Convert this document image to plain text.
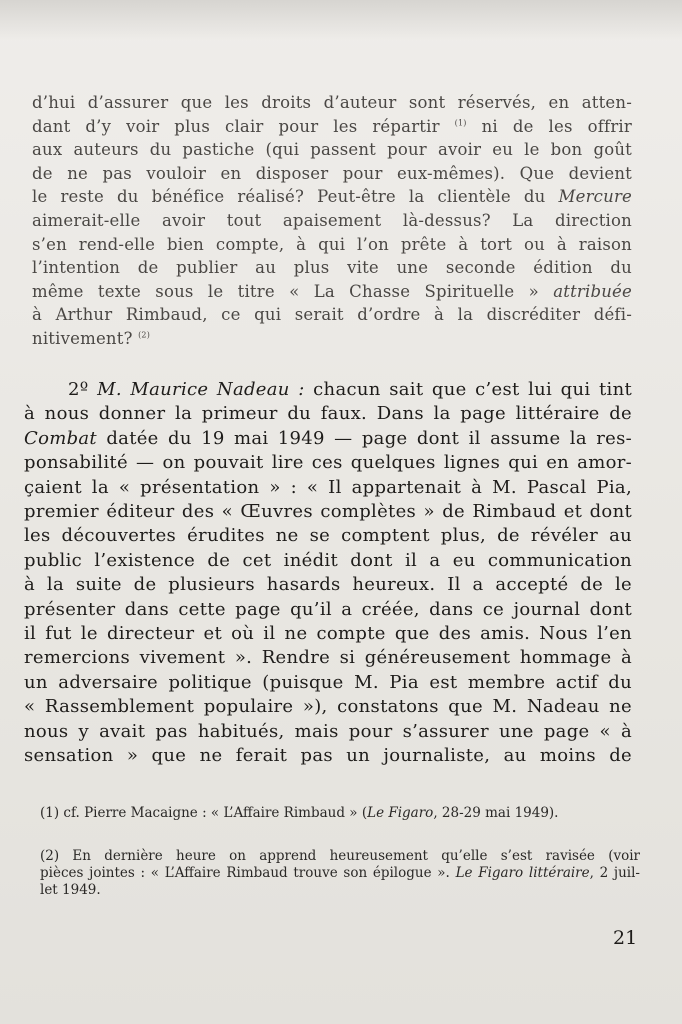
d’hui d’assurer que les droits d’auteur sont réservés, en atten-
dant d’y voir plus clair pour les répartir $^{(1)}$ ni de les offrir
aux auteurs du pastiche (qui passent pour avoir eu le bon goût
de ne pas vouloir en disposer pour eux-mêmes). Que devient
le reste du bénéfice réalisé? Peut-être la clientèle du Mercure
aimerait-elle avoir tout apaisement là-dessus? La direction
s’en rend-elle bien compte, à qui l’on prête à tort ou à raison
l’intention de publier au plus vite une seconde édition du
même texte sous le titre « La Chasse Spirituelle » attribuée
à Arthur Rimbaud, ce qui serait d’ordre à la discréditer défi-
nitivement? $^{(2)}$
2º M. Maurice Nadeau : chacun sait que c’est lui qui tint
à nous donner la primeur du faux. Dans la page littéraire de
Combat datée du 19 mai 1949 — page dont il assume la res-
ponsabilité — on pouvait lire ces quelques lignes qui en amor-
çaient la « présentation » : « Il appartenait à M. Pascal Pia,
premier éditeur des « Œuvres complètes » de Rimbaud et dont
les découvertes érudites ne se comptent plus, de révéler au
public l’existence de cet inédit dont il a eu communication
à la suite de plusieurs hasards heureux. Il a accepté de le
présenter dans cette page qu’il a créée, dans ce journal dont
il fut le directeur et où il ne compte que des amis. Nous l’en
remercions vivement ». Rendre si généreusement hommage à
un adversaire politique (puisque M. Pia est membre actif du
« Rassemblement populaire »), constatons que M. Nadeau ne
nous y avait pas habitués, mais pour s’assurer une page « à
sensation » que ne ferait pas un journaliste, au moins de
(1) cf. Pierre Macaigne : « L’Affaire Rimbaud » (Le Figaro, 28-29 mai 1949).
(2) En dernière heure on apprend heureusement qu’elle s’est ravisée (voir
pièces jointes : « L’Affaire Rimbaud trouve son épilogue ». Le Figaro littéraire, 2 juil-
let 1949.
21
